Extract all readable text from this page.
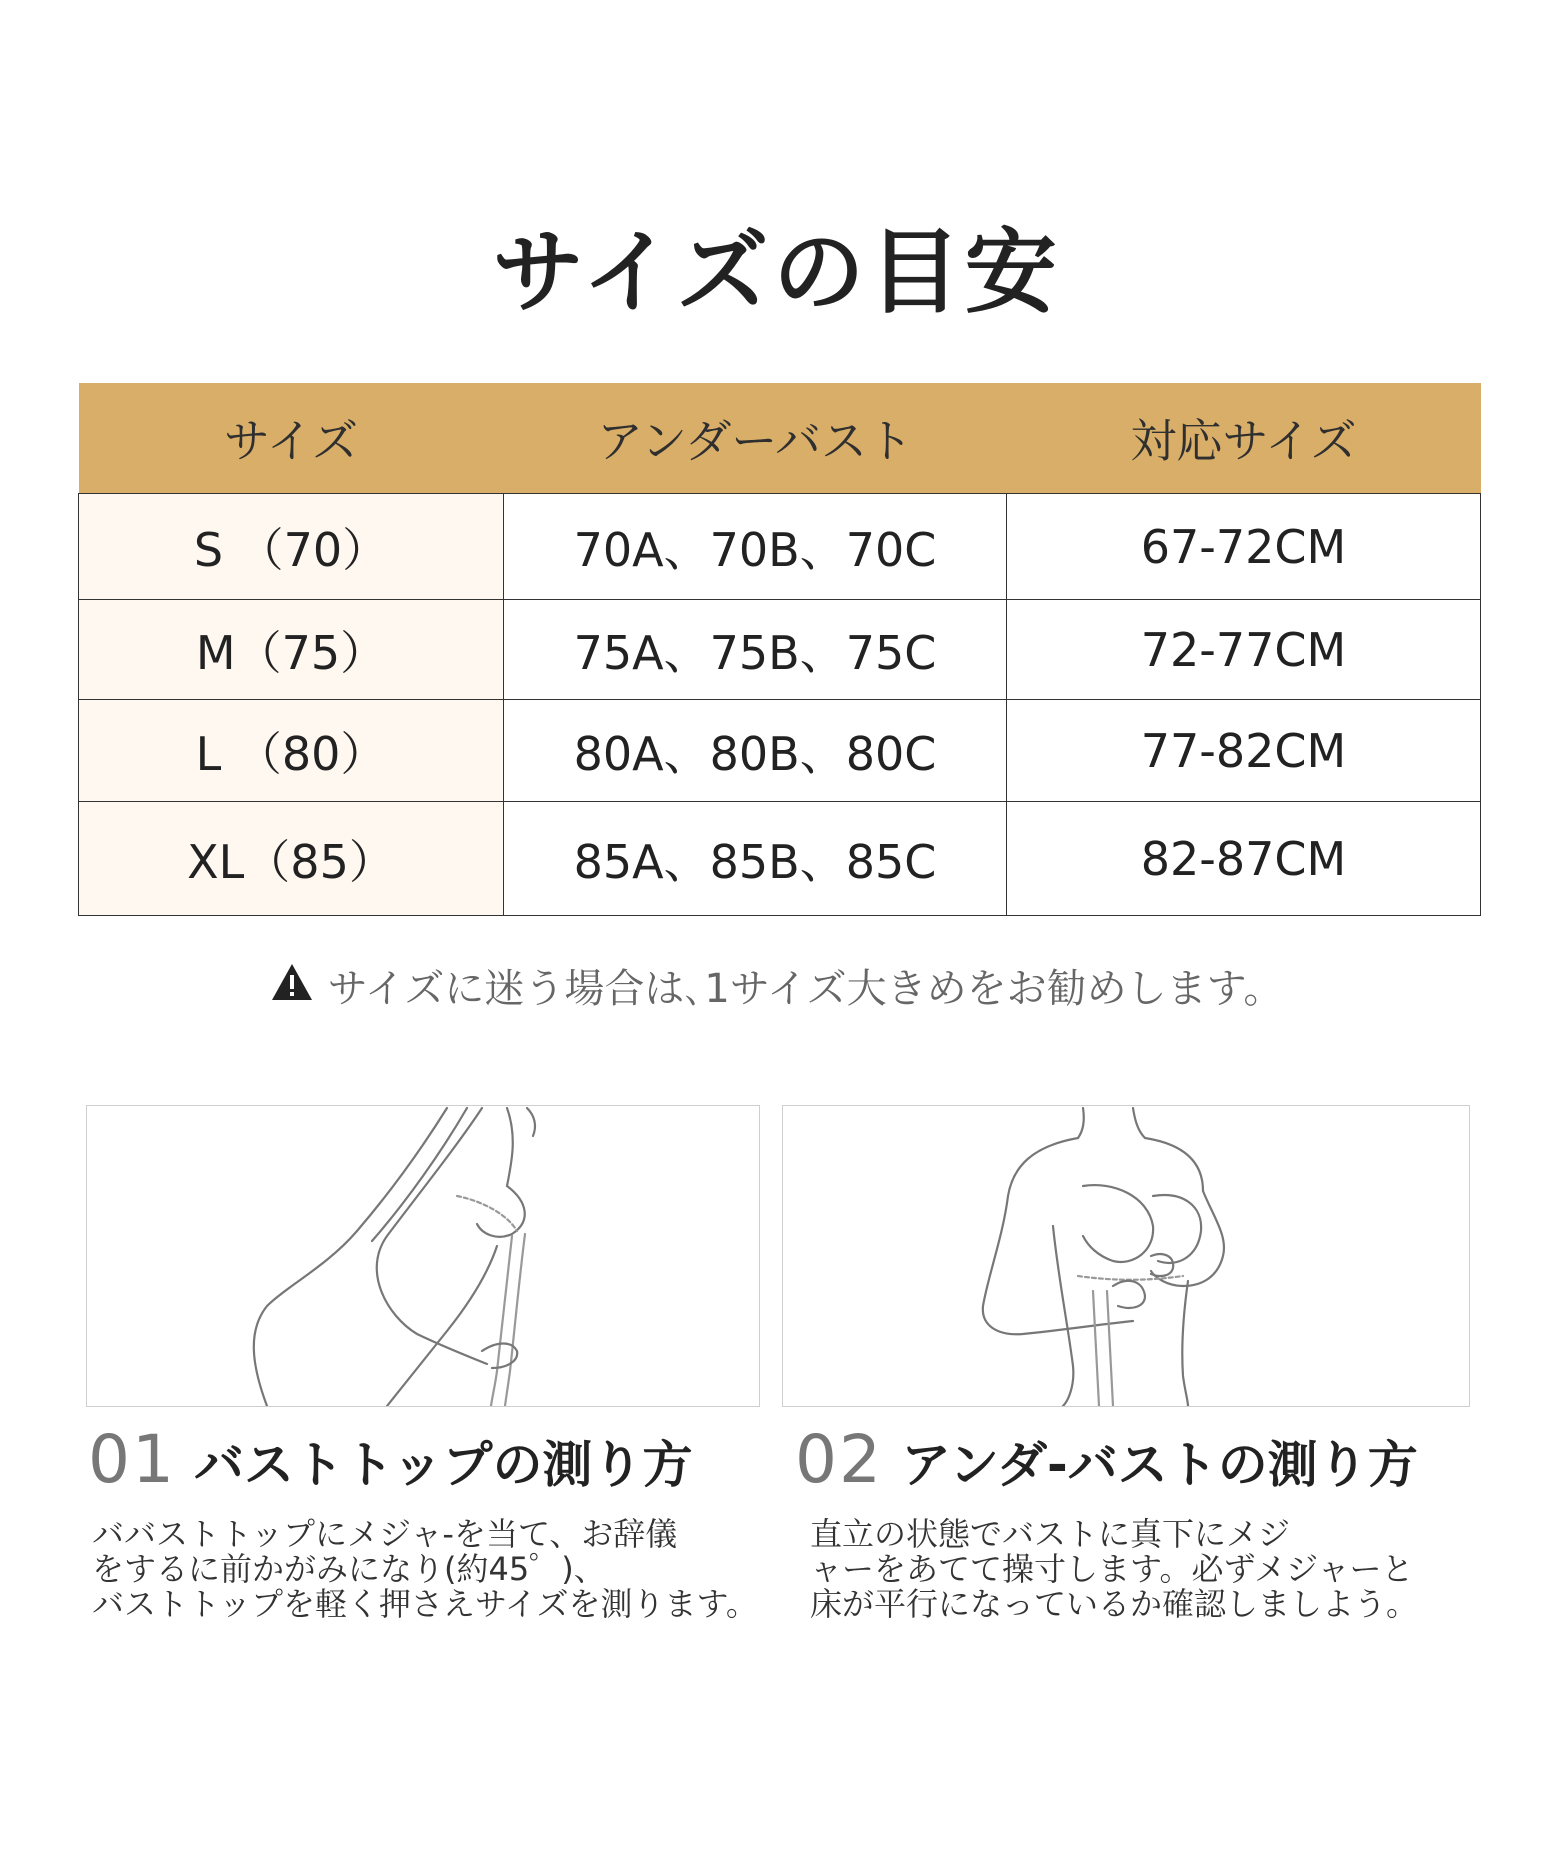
サイズの目安
サイズ	アンダーバスト	対応サイズ
S （70）	70A、70B、70C	67-72CM
M（75）	75A、75B、75C	72-77CM
L （80）	80A、80B、80C	77-82CM
XL（85）	85A、85B、85C	82-87CM
サイズに迷う場合は､1サイズ大きめをお勧めします。
01 バストトップの測り方 02 アンダ-バストの測り方
ババストトップにメジャ-を当て、お辞儀
をするに前かがみになり(約45゜)、
バストトップを軽く押さえサイズを測ります。
直立の状態でバストに真下にメジ
ャーをあてて操寸します。必ずメジャーと
床が平行になっているか確認しましよう。
